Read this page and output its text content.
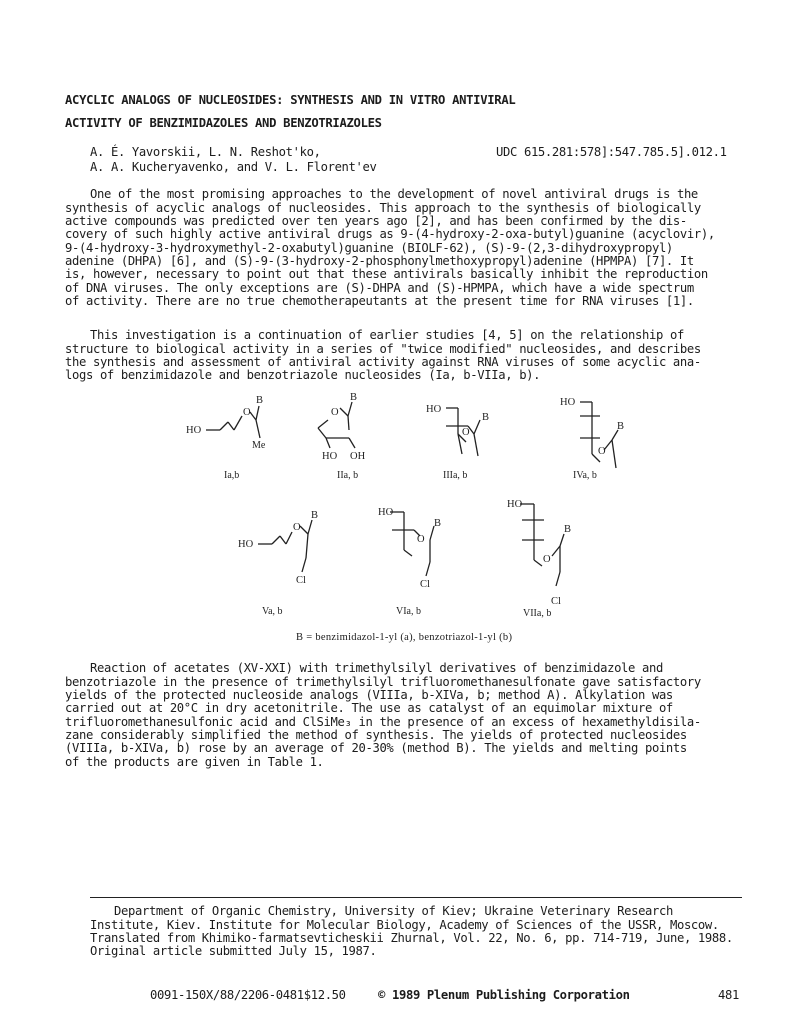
ACYCLIC ANALOGS OF NUCLEOSIDES: SYNTHESIS AND IN VITRO ANTIVIRAL
ACTIVITY OF BENZIMIDAZOLES AND BENZOTRIAZOLES
A. É. Yavorskii, L. N. Reshot'ko,
A. A. Kucheryavenko, and V. L. Florent'ev
UDC 615.281:578]:547.785.5].012.1
One of the most promising approaches to the development of novel antiviral drugs is the
synthesis of acyclic analogs of nucleosides. This approach to the synthesis of biologically
active compounds was predicted over ten years ago [2], and has been confirmed by the dis-
covery of such highly active antiviral drugs as 9-(4-hydroxy-2-oxa-butyl)guanine (acyclovir),
9-(4-hydroxy-3-hydroxymethyl-2-oxabutyl)guanine (BIOLF-62), (S)-9-(2,3-dihydroxypropyl)
adenine (DHPA) [6], and (S)-9-(3-hydroxy-2-phosphonylmethoxypropyl)adenine (HPMPA) [7]. It
is, however, necessary to point out that these antivirals basically inhibit the reproduction
of DNA viruses. The only exceptions are (S)-DHPA and (S)-HPMPA, which have a wide spectrum
of activity. There are no true chemotherapeutants at the present time for RNA viruses [1].
This investigation is a continuation of earlier studies [4, 5] on the relationship of
structure to biological activity in a series of "twice modified" nucleosides, and describes
the synthesis and assessment of antiviral activity against RNA viruses of some acyclic ana-
logs of benzimidazole and benzotriazole nucleosides (Ia, b-VIIa, b).
HO
O
B
Me
Ia,b
O
B
HO OH
IIa, b
HO
O
B
IIIa, b
HO
O
B
IVa, b
HO
O
B
Cl
Va, b
HO
O
B
Cl
VIa, b
HO
O
B
Cl
VIIa, b
B = benzimidazol-1-yl (a), benzotriazol-1-yl (b)
Reaction of acetates (XV-XXI) with trimethylsilyl derivatives of benzimidazole and
benzotriazole in the presence of trimethylsilyl trifluoromethanesulfonate gave satisfactory
yields of the protected nucleoside analogs (VIIIa, b-XIVa, b; method A). Alkylation was
carried out at 20°C in dry acetonitrile. The use as catalyst of an equimolar mixture of
trifluoromethanesulfonic acid and ClSiMe₃ in the presence of an excess of hexamethyldisila-
zane considerably simplified the method of synthesis. The yields of protected nucleosides
(VIIIa, b-XIVa, b) rose by an average of 20-30% (method B). The yields and melting points
of the products are given in Table 1.
Department of Organic Chemistry, University of Kiev; Ukraine Veterinary Research
Institute, Kiev. Institute for Molecular Biology, Academy of Sciences of the USSR, Moscow.
Translated from Khimiko-farmatsevticheskii Zhurnal, Vol. 22, No. 6, pp. 714-719, June, 1988.
Original article submitted July 15, 1987.
0091-150X/88/2206-0481$12.50	© 1989 Plenum Publishing Corporation	481
